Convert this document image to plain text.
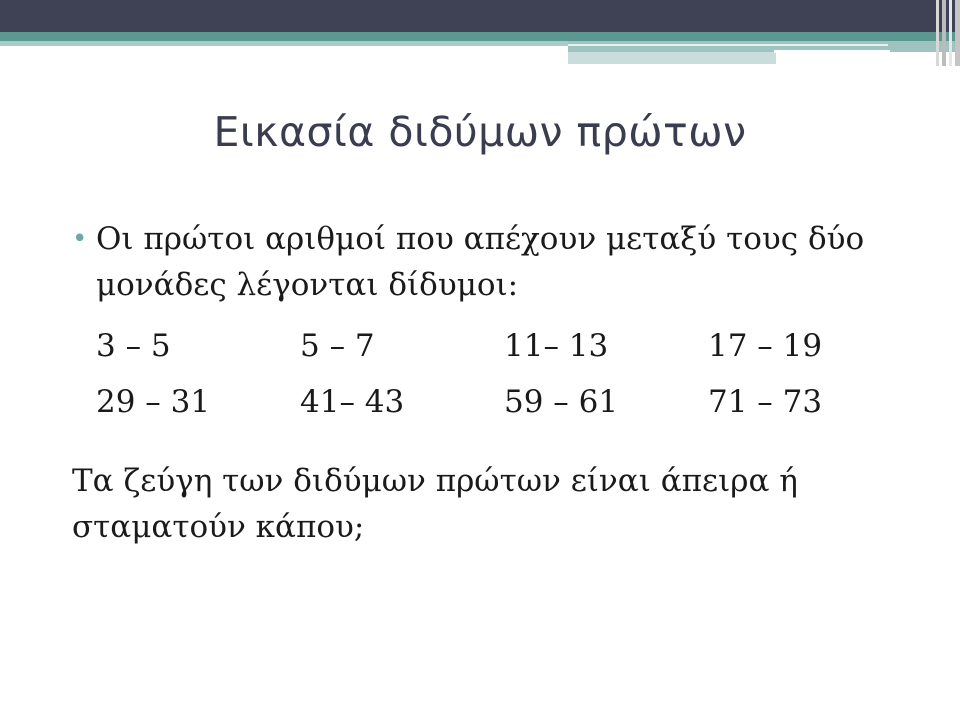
Εικασία διδύμων πρώτων
• Οι πρώτοι αριθμοί που απέχουν μεταξύ τους δύο μονάδες λέγονται δίδυμοι:
3 – 5	5 – 7	11– 13	17 – 19
29 – 31	41– 43	59 – 61	71 – 73
Τα ζεύγη των διδύμων πρώτων είναι άπειρα ή σταματούν κάπου;
